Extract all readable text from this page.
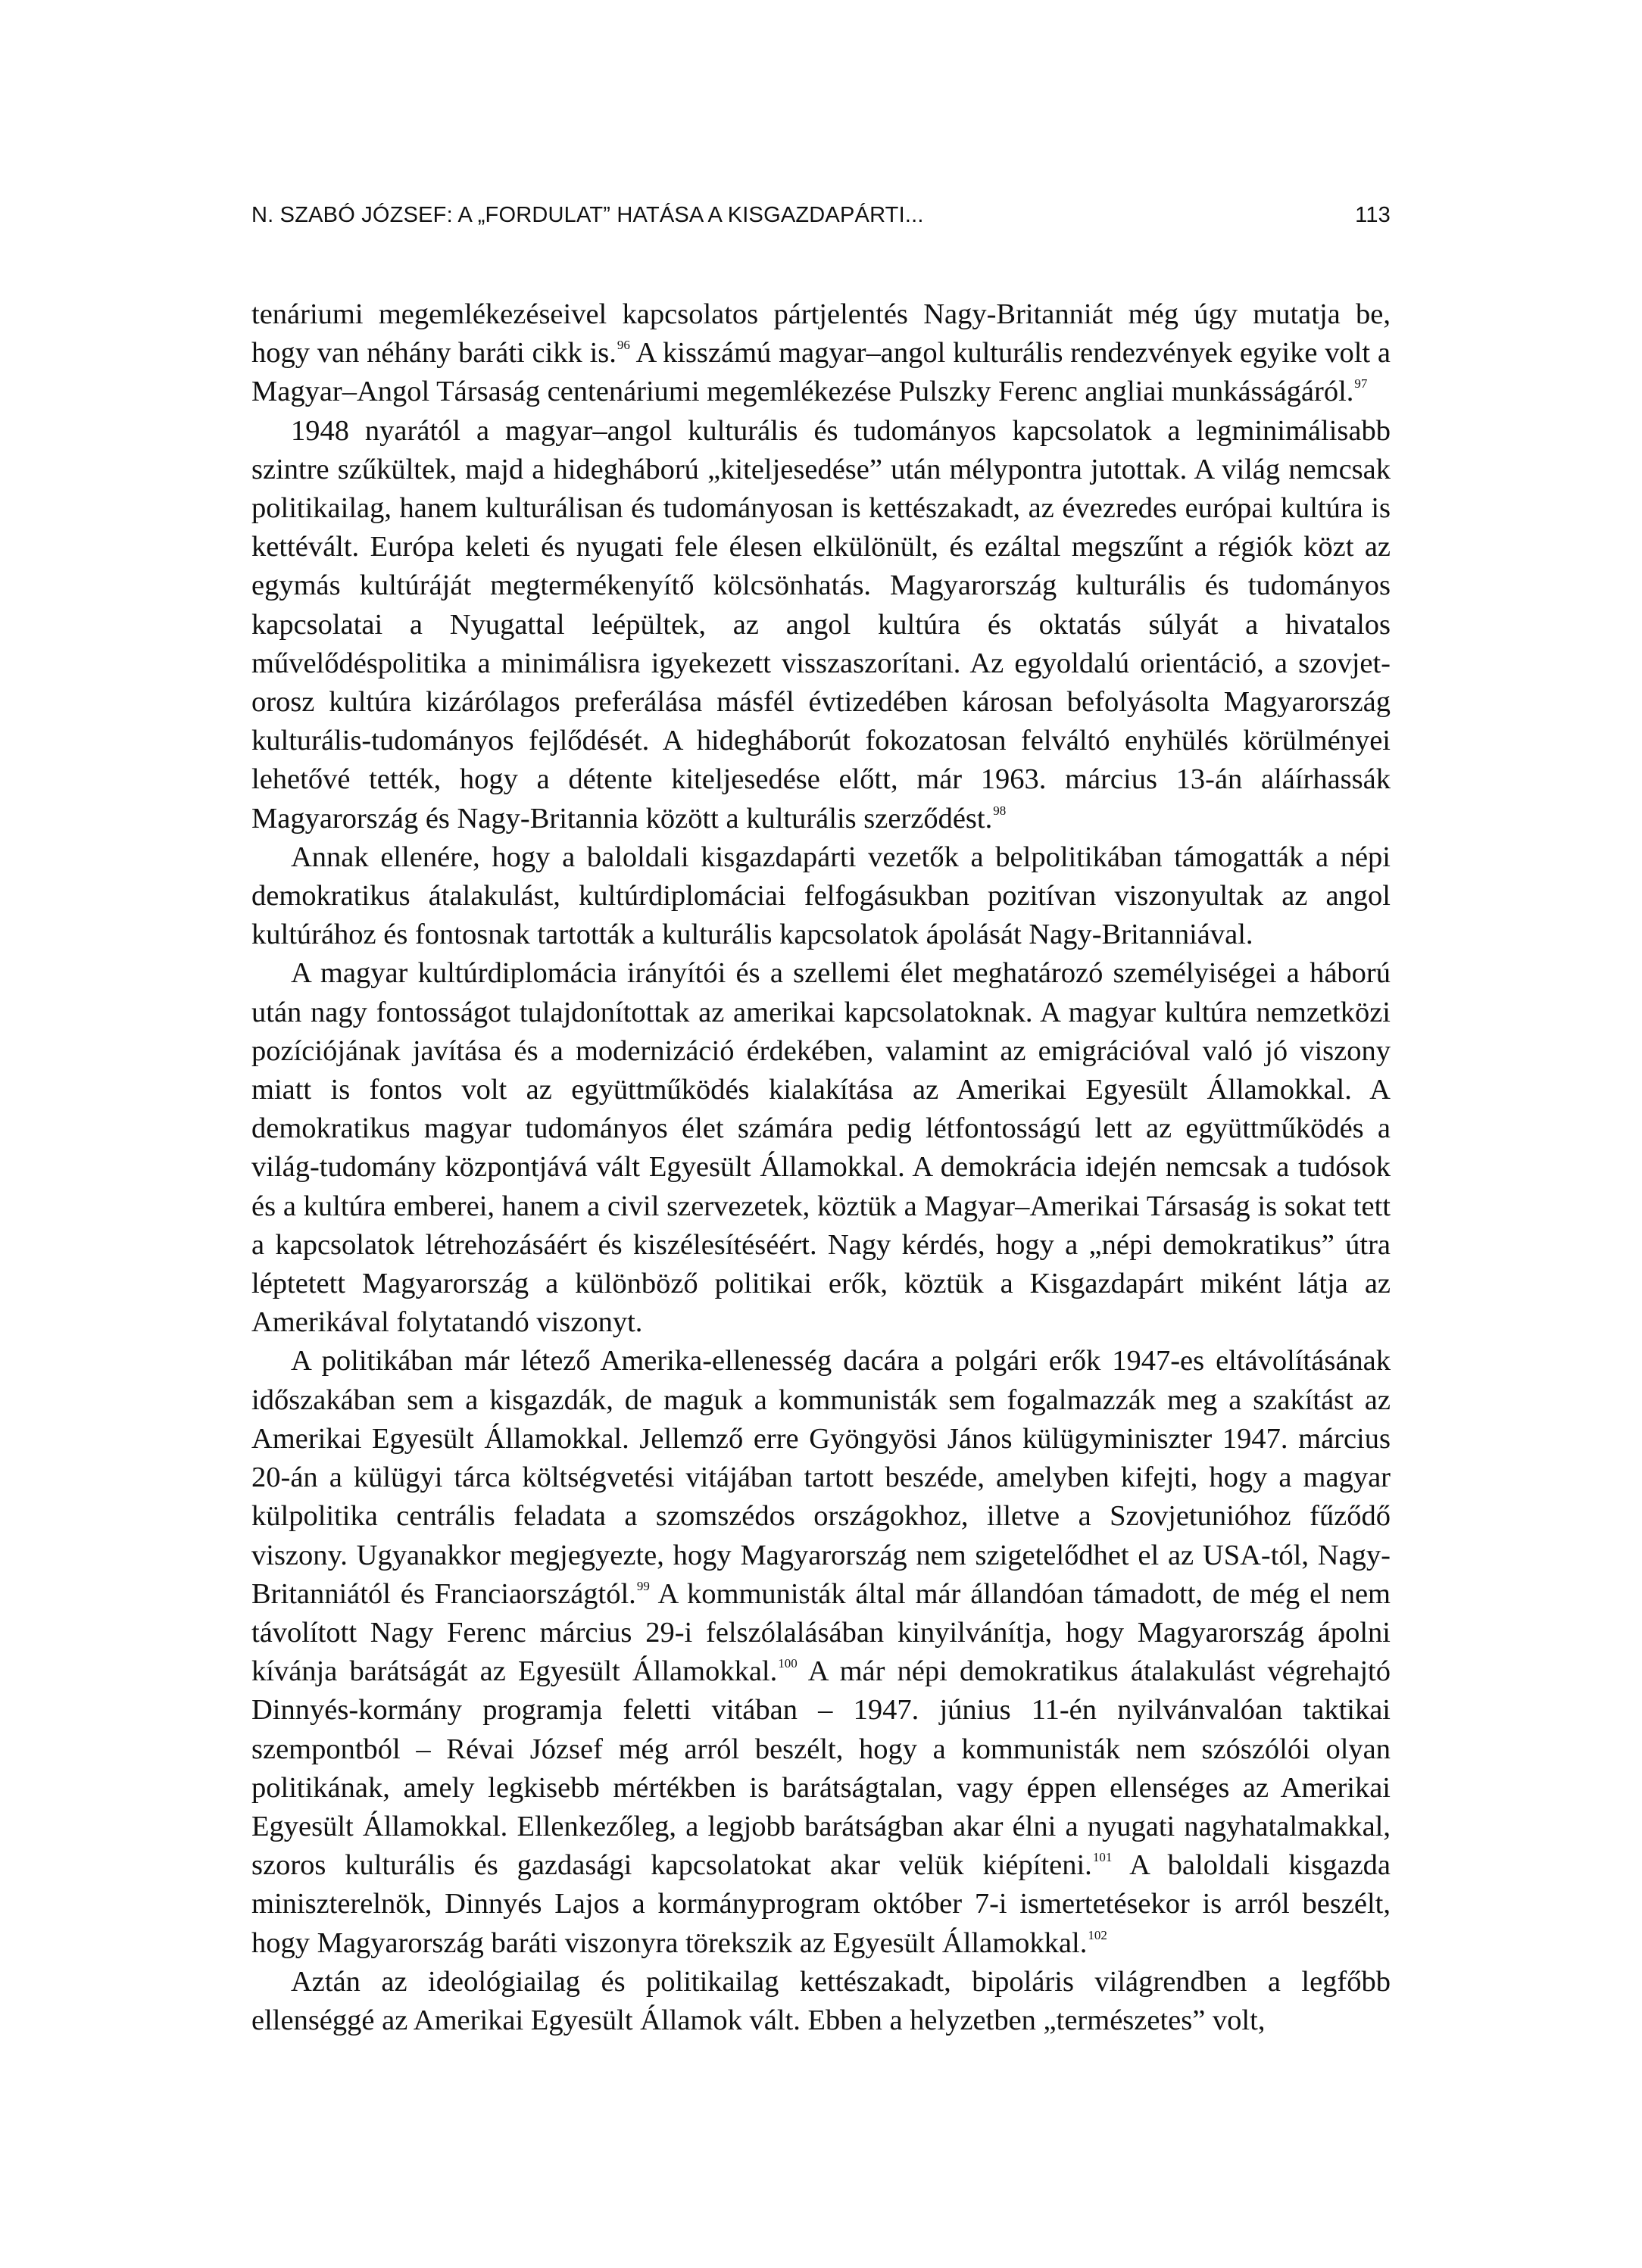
N. SZABÓ JÓZSEF: A „FORDULAT” HATÁSA A KISGAZDAPÁRTI...	113

tenáriumi megemlékezéseivel kapcsolatos pártjelentés Nagy-Britanniát még úgy mutatja be, hogy van néhány baráti cikk is.$^{96}$ A kisszámú magyar–angol kulturális rendezvények egyike volt a Magyar–Angol Társaság centenáriumi megemlékezése Pulszky Ferenc angliai munkásságáról.$^{97}$

1948 nyarától a magyar–angol kulturális és tudományos kapcsolatok a legminimálisabb szintre szűkültek, majd a hidegháború „kiteljesedése” után mélypontra jutottak. A világ nemcsak politikailag, hanem kulturálisan és tudományosan is kettészakadt, az évezredes európai kultúra is kettévált. Európa keleti és nyugati fele élesen elkülönült, és ezáltal megszűnt a régiók közt az egymás kultúráját megtermékenyítő kölcsönhatás. Magyarország kulturális és tudományos kapcsolatai a Nyugattal leépültek, az angol kultúra és oktatás súlyát a hivatalos művelődéspolitika a minimálisra igyekezett visszaszorítani. Az egyoldalú orientáció, a szovjet-orosz kultúra kizárólagos preferálása másfél évtizedében károsan befolyásolta Magyarország kulturális-tudományos fejlődését. A hidegháborút fokozatosan felváltó enyhülés körülményei lehetővé tették, hogy a détente kiteljesedése előtt, már 1963. március 13-án aláírhassák Magyarország és Nagy-Britannia között a kulturális szerződést.$^{98}$

Annak ellenére, hogy a baloldali kisgazdapárti vezetők a belpolitikában támogatták a népi demokratikus átalakulást, kultúrdiplomáciai felfogásukban pozitívan viszonyultak az angol kultúrához és fontosnak tartották a kulturális kapcsolatok ápolását Nagy-Britanniával.

A magyar kultúrdiplomácia irányítói és a szellemi élet meghatározó személyiségei a háború után nagy fontosságot tulajdonítottak az amerikai kapcsolatoknak. A magyar kultúra nemzetközi pozíciójának javítása és a modernizáció érdekében, valamint az emigrációval való jó viszony miatt is fontos volt az együttműködés kialakítása az Amerikai Egyesült Államokkal. A demokratikus magyar tudományos élet számára pedig létfontosságú lett az együttműködés a világ-tudomány központjává vált Egyesült Államokkal. A demokrácia idején nemcsak a tudósok és a kultúra emberei, hanem a civil szervezetek, köztük a Magyar–Amerikai Társaság is sokat tett a kapcsolatok létrehozásáért és kiszélesítéséért. Nagy kérdés, hogy a „népi demokratikus” útra léptetett Magyarország a különböző politikai erők, köztük a Kisgazdapárt miként látja az Amerikával folytatandó viszonyt.

A politikában már létező Amerika-ellenesség dacára a polgári erők 1947-es eltávolításának időszakában sem a kisgazdák, de maguk a kommunisták sem fogalmazzák meg a szakítást az Amerikai Egyesült Államokkal. Jellemző erre Gyöngyösi János külügyminiszter 1947. március 20-án a külügyi tárca költségvetési vitájában tartott beszéde, amelyben kifejti, hogy a magyar külpolitika centrális feladata a szomszédos országokhoz, illetve a Szovjetunióhoz fűződő viszony. Ugyanakkor megjegyezte, hogy Magyarország nem szigetelődhet el az USA-tól, Nagy-Britanniától és Franciaországtól.$^{99}$ A kommunisták által már állandóan támadott, de még el nem távolított Nagy Ferenc március 29-i felszólalásában kinyilvánítja, hogy Magyarország ápolni kívánja barátságát az Egyesült Államokkal.$^{100}$ A már népi demokratikus átalakulást végrehajtó Dinnyés-kormány programja feletti vitában – 1947. június 11-én nyilvánvalóan taktikai szempontból – Révai József még arról beszélt, hogy a kommunisták nem szószólói olyan politikának, amely legkisebb mértékben is barátságtalan, vagy éppen ellenséges az Amerikai Egyesült Államokkal. Ellenkezőleg, a legjobb barátságban akar élni a nyugati nagyhatalmakkal, szoros kulturális és gazdasági kapcsolatokat akar velük kiépíteni.$^{101}$ A baloldali kisgazda miniszterelnök, Dinnyés Lajos a kormányprogram október 7-i ismertetésekor is arról beszélt, hogy Magyarország baráti viszonyra törekszik az Egyesült Államokkal.$^{102}$

Aztán az ideológiailag és politikailag kettészakadt, bipoláris világrendben a legfőbb ellenséggé az Amerikai Egyesült Államok vált. Ebben a helyzetben „természetes” volt,
